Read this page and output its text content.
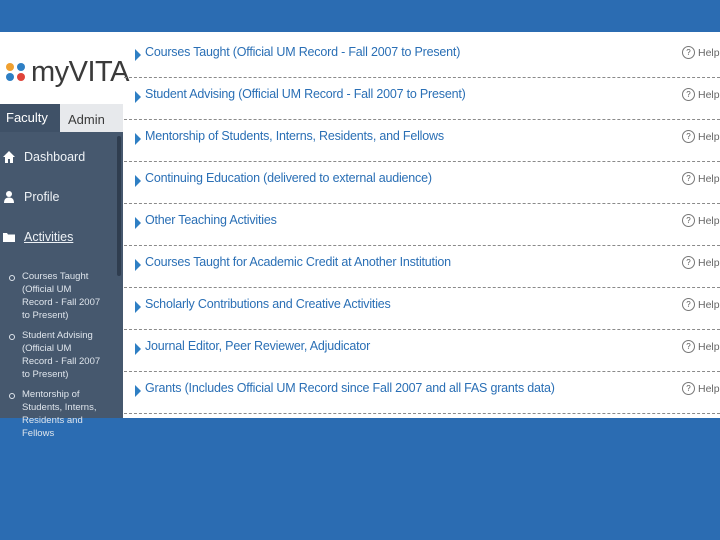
myVITA
Faculty	Admin
Dashboard
Profile
Activities
Courses Taught (Official UM Record - Fall 2007 to Present)
Student Advising (Official UM Record - Fall 2007 to Present)
Mentorship of Students, Interns, Residents and Fellows
Courses Taught (Official UM Record - Fall 2007 to Present)	? Help
Student Advising (Official UM Record - Fall 2007 to Present)	? Help
Mentorship of Students, Interns, Residents, and Fellows	? Help
Continuing Education (delivered to external audience)	? Help
Other Teaching Activities	? Help
Courses Taught for Academic Credit at Another Institution	? Help
Scholarly Contributions and Creative Activities	? Help
Journal Editor, Peer Reviewer, Adjudicator	? Help
Grants (Includes Official UM Record since Fall 2007 and all FAS grants data)	? Help
